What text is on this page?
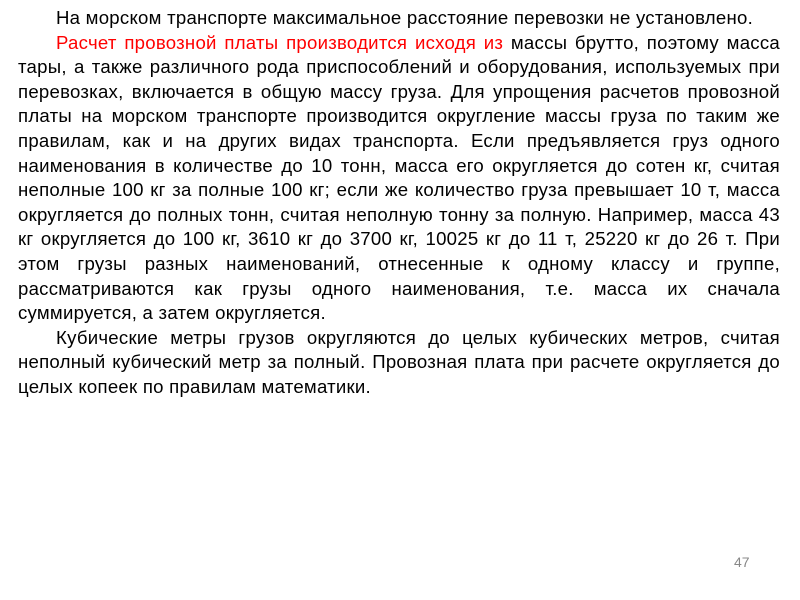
На морском транспорте максимальное расстояние перевозки не установлено.

Расчет провозной платы производится исходя из массы брутто, поэтому масса тары, а также различного рода приспособлений и оборудования, используемых при перевозках, включается в общую массу груза. Для упрощения расчетов провозной платы на морском транспорте производится округление массы груза по таким же правилам, как и на других видах транспорта. Если предъявляется груз одного наименования в количестве до 10 тонн, масса его округляется до сотен кг, считая неполные 100 кг за полные 100 кг; если же количество груза превышает 10 т, масса округляется до полных тонн, считая неполную тонну за полную. Например, масса 43 кг округляется до 100 кг, 3610 кг до 3700 кг, 10025 кг до 11 т, 25220 кг до 26 т. При этом грузы разных наименований, отнесенные к одному классу и группе, рассматриваются как грузы одного наименования, т.е. масса их сначала суммируется, а затем округляется.

Кубические метры грузов округляются до целых кубических метров, считая неполный кубический метр за полный. Провозная плата при расчете округляется до целых копеек по правилам математики.

47
